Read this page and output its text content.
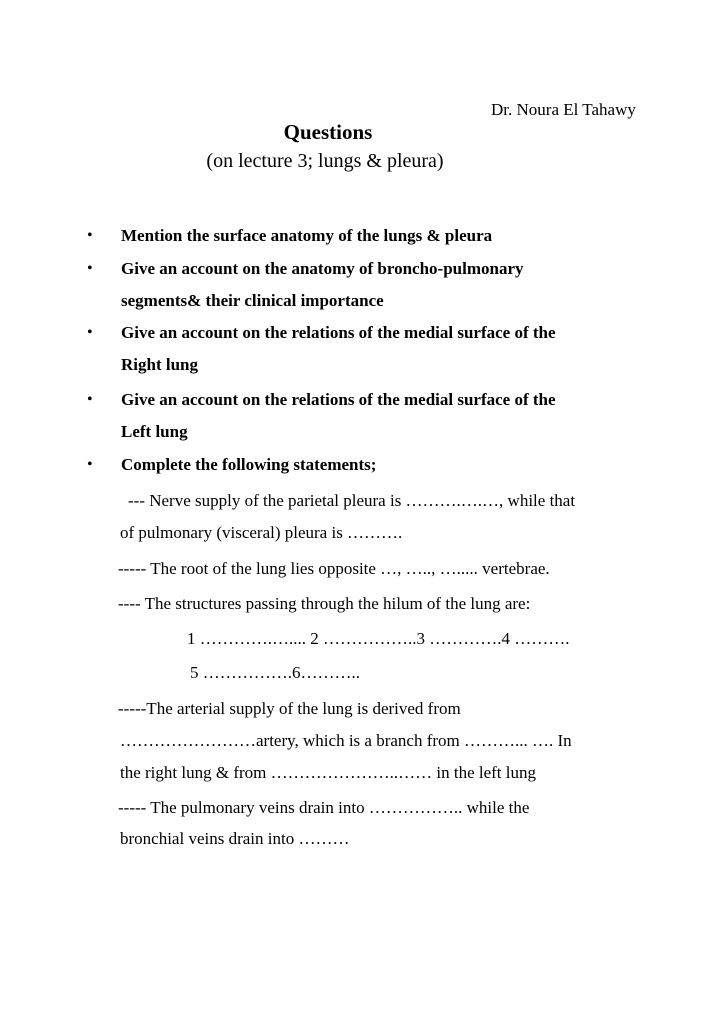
Dr. Noura El Tahawy
Questions
(on lecture 3; lungs & pleura)
• Mention the surface anatomy of the lungs & pleura
• Give an account on the anatomy of broncho-pulmonary
segments& their clinical importance
• Give an account on the relations of the medial surface of the
Right lung
• Give an account on the relations of the medial surface of the
Left lung
• Complete the following statements;
--- Nerve supply of the parietal pleura is ……….….…, while that
of pulmonary (visceral) pleura is ……….
----- The root of the lung lies opposite …, ….., …..... vertebrae.
---- The structures passing through the hilum of the lung are:
1 ………….….... 2 ……………..3 ………….4 ……….
5 …………….6………..
-----The arterial supply of the lung is derived from
……………………artery, which is a branch from ………... …. In
the right lung & from …………………..…… in the left lung
----- The pulmonary veins drain into …………….. while the
bronchial veins drain into ………
